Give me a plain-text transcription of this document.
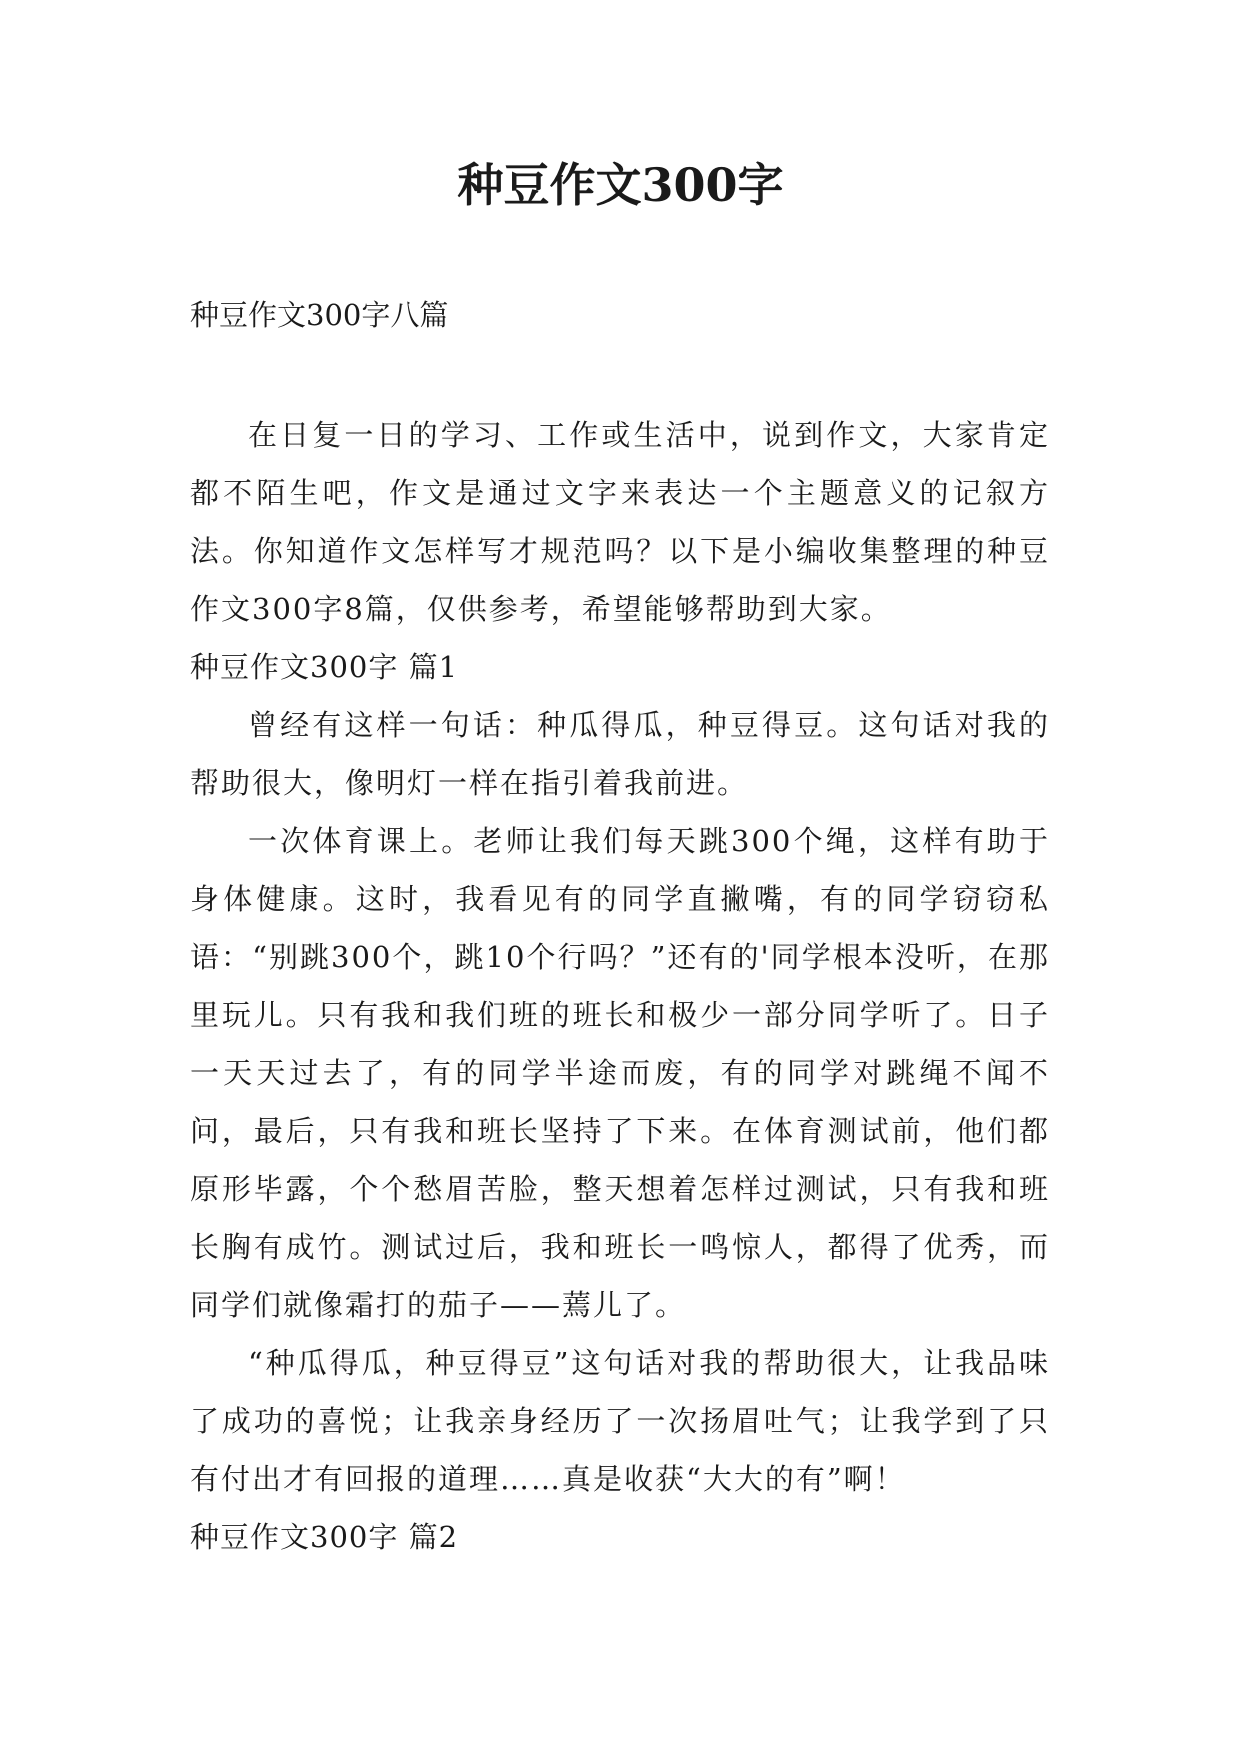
种豆作文300字

种豆作文300字八篇

在日复一日的学习、工作或生活中，说到作文，大家肯定都不陌生吧，作文是通过文字来表达一个主题意义的记叙方法。你知道作文怎样写才规范吗？以下是小编收集整理的种豆作文300字8篇，仅供参考，希望能够帮助到大家。

种豆作文300字 篇1

曾经有这样一句话：种瓜得瓜，种豆得豆。这句话对我的帮助很大，像明灯一样在指引着我前进。

一次体育课上。老师让我们每天跳300个绳，这样有助于身体健康。这时，我看见有的同学直撇嘴，有的同学窃窃私语：“别跳300个，跳10个行吗？”还有的'同学根本没听，在那里玩儿。只有我和我们班的班长和极少一部分同学听了。日子一天天过去了，有的同学半途而废，有的同学对跳绳不闻不问，最后，只有我和班长坚持了下来。在体育测试前，他们都原形毕露，个个愁眉苦脸，整天想着怎样过测试，只有我和班长胸有成竹。测试过后，我和班长一鸣惊人，都得了优秀，而同学们就像霜打的茄子——蔫儿了。

“种瓜得瓜，种豆得豆”这句话对我的帮助很大，让我品味了成功的喜悦；让我亲身经历了一次扬眉吐气；让我学到了只有付出才有回报的道理……真是收获“大大的有”啊！

种豆作文300字 篇2
